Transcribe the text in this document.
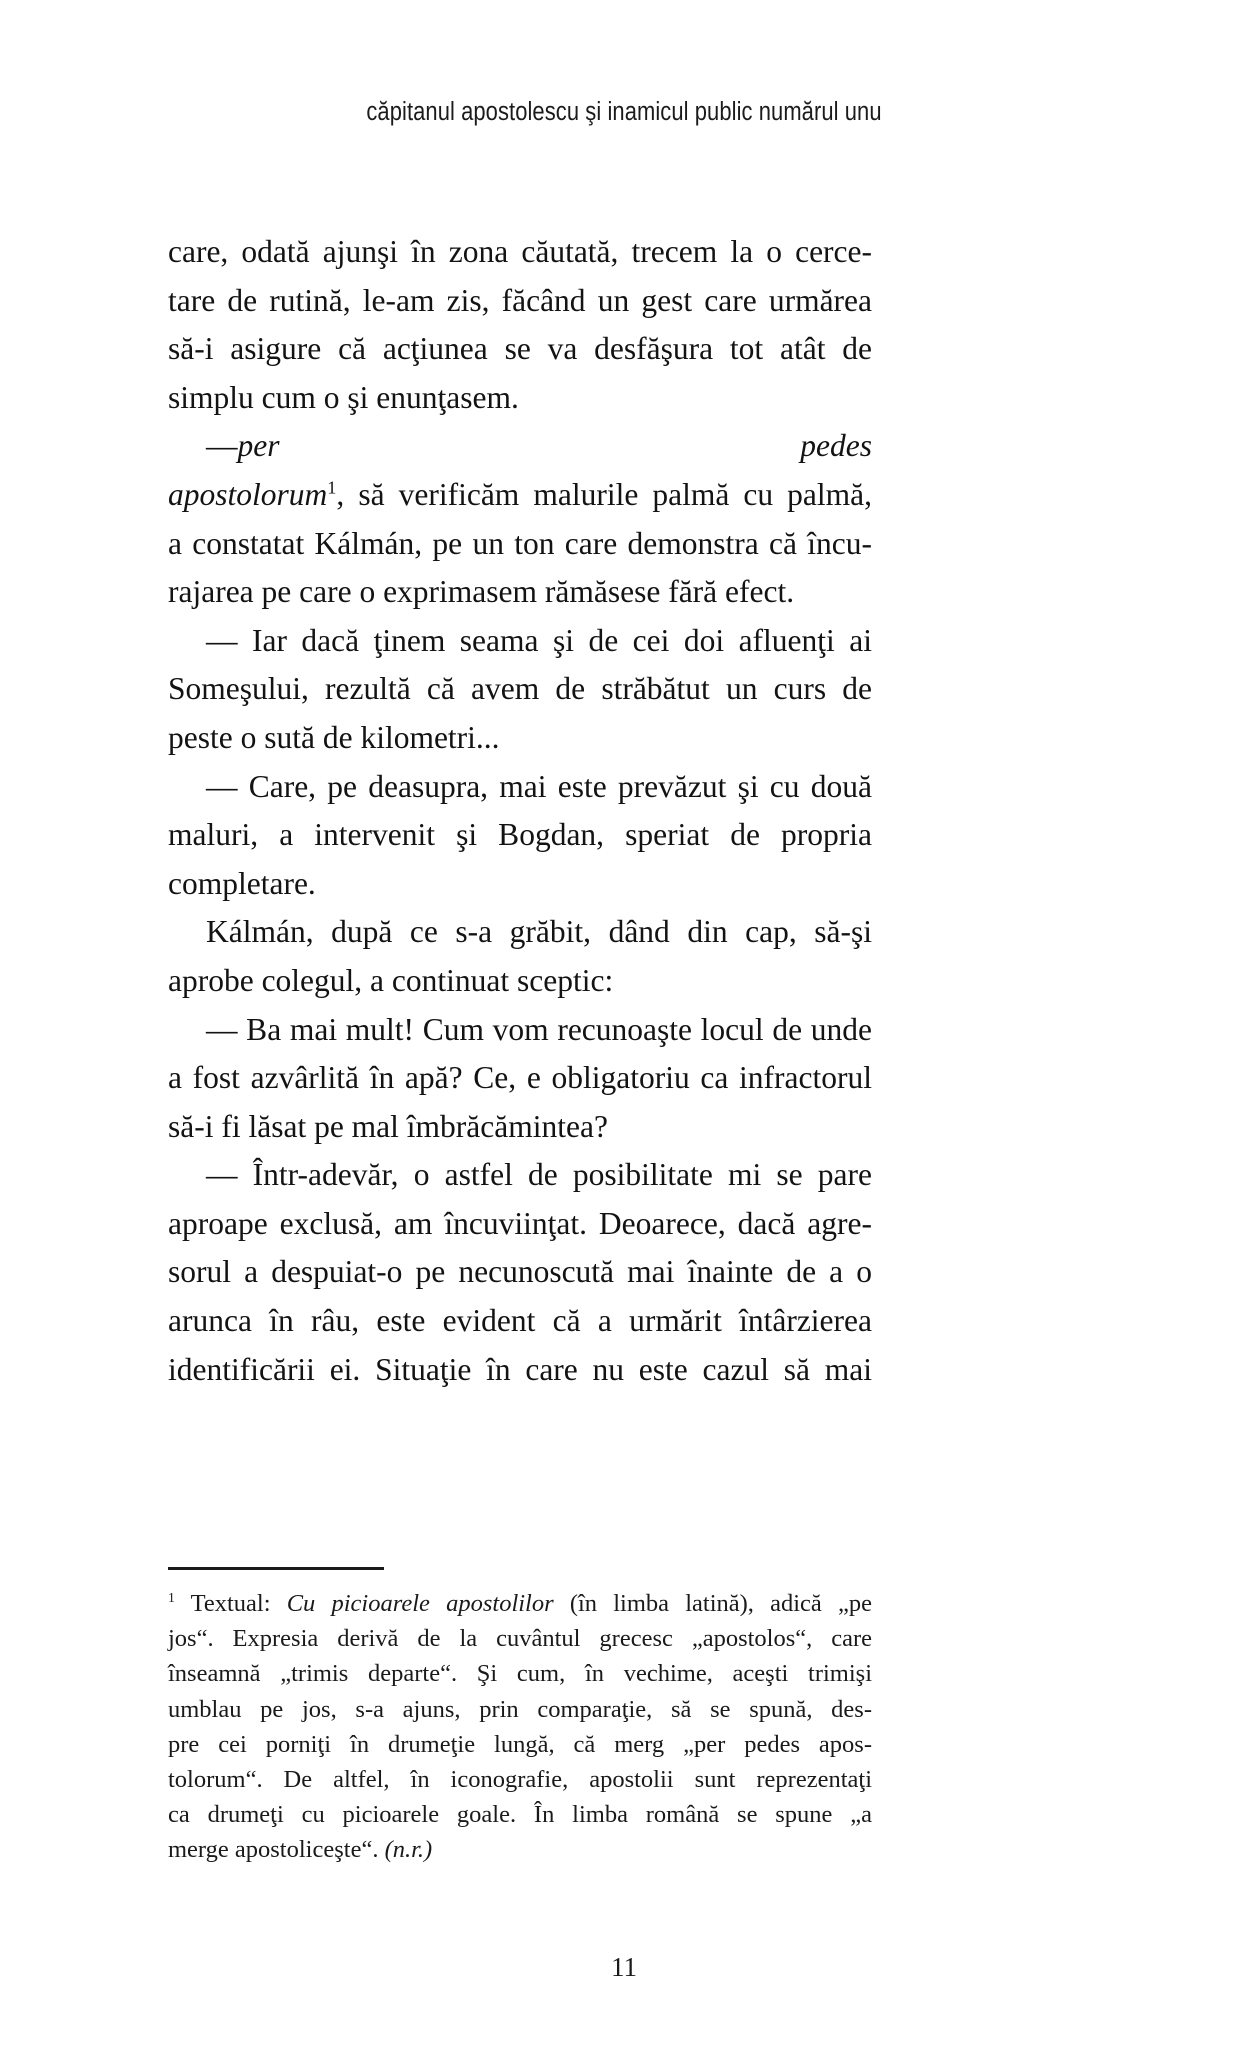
căpitanul apostolescu şi inamicul public numărul unu
care, odată ajunşi în zona căutată, trecem la o cerce-
tare de rutină, le-am zis, făcând un gest care urmărea
să-i asigure că acţiunea se va desfăşura tot atât de
simplu cum o şi enunţasem.
—per pedes
apostolorum$^1$, să verificăm malurile palmă cu palmă,
a constatat Kálmán, pe un ton care demonstra că încu-
rajarea pe care o exprimasem rămăsese fără efect.
— Iar dacă ţinem seama şi de cei doi afluenţi ai
Someşului, rezultă că avem de străbătut un curs de
peste o sută de kilometri...
— Care, pe deasupra, mai este prevăzut şi cu două
maluri, a intervenit şi Bogdan, speriat de propria
completare.
Kálmán, după ce s-a grăbit, dând din cap, să-şi
aprobe colegul, a continuat sceptic:
— Ba mai mult! Cum vom recunoaşte locul de unde
a fost azvârlită în apă? Ce, e obligatoriu ca infractorul
să-i fi lăsat pe mal îmbrăcămintea?
— Într-adevăr, o astfel de posibilitate mi se pare
aproape exclusă, am încuviinţat. Deoarece, dacă agre-
sorul a despuiat-o pe necunoscută mai înainte de a o
arunca în râu, este evident că a urmărit întârzierea
identificării ei. Situaţie în care nu este cazul să mai
$^1$ Textual: Cu picioarele apostolilor (în limba latină), adică „pe
jos“. Expresia derivă de la cuvântul grecesc „apostolos“, care
înseamnă „trimis departe“. Şi cum, în vechime, aceşti trimişi
umblau pe jos, s-a ajuns, prin comparaţie, să se spună, des-
pre cei porniţi în drumeţie lungă, că merg „per pedes apos-
tolorum“. De altfel, în iconografie, apostolii sunt reprezentaţi
ca drumeţi cu picioarele goale. În limba română se spune „a
merge apostoliceşte“. (n.r.)
11
